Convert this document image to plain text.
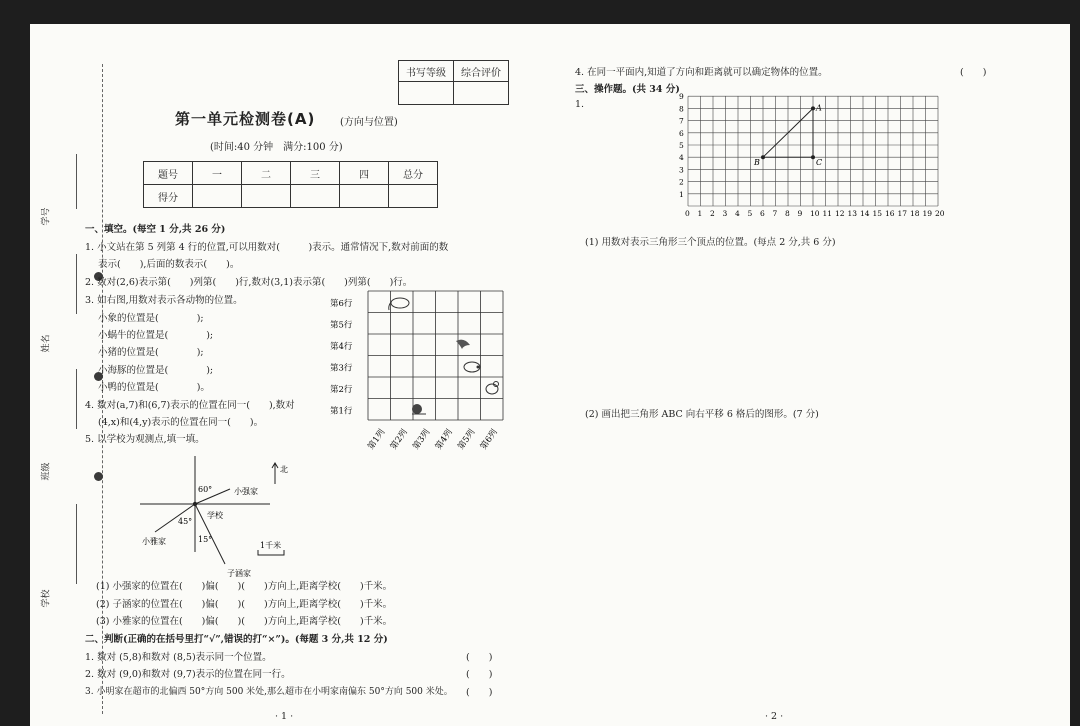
学号
姓名
班级
学校
书写等级	综合评价

第一单元检测卷(A) (方向与位置)
(时间:40 分钟　满分:100 分)
题号	一	二	三	四	总分
得分					
一、填空。(每空 1 分,共 26 分)
1. 小文站在第 5 列第 4 行的位置,可以用数对(　　　)表示。通常情况下,数对前面的数
表示(　　),后面的数表示(　　)。
2. 数对(2,6)表示第(　　)列第(　　)行,数对(3,1)表示第(　　)列第(　　)行。
3. 如右图,用数对表示各动物的位置。
小象的位置是(　　　　);
小蜗牛的位置是(　　　　);
小猪的位置是(　　　　);
小海豚的位置是(　　　　);
小鸭的位置是(　　　　)。
4. 数对(a,7)和(6,7)表示的位置在同一(　　),数对
(4,x)和(4,y)表示的位置在同一(　　)。
5. 以学校为观测点,填一填。
第6行
第5行
第4行
第3行
第2行
第1行
第1列 第2列 第3列 第4列 第5列 第6列
北
60°
学校
45°
15°
小强家
小雅家
子涵家
1千米
(1) 小强家的位置在(　　)偏(　　)(　　)方向上,距离学校(　　)千米。
(2) 子涵家的位置在(　　)偏(　　)(　　)方向上,距离学校(　　)千米。
(3) 小雅家的位置在(　　)偏(　　)(　　)方向上,距离学校(　　)千米。
二、判断(正确的在括号里打“√”,错误的打“×”)。(每题 3 分,共 12 分)
1. 数对 (5,8)和数对 (8,5)表示同一个位置。	(　　)
2. 数对 (9,0)和数对 (9,7)表示的位置在同一行。	(　　)
3. 小明家在超市的北偏西 50°方向 500 米处,那么超市在小明家南偏东 50°方向 500 米处。 (　　)
· 1 ·
4. 在同一平面内,知道了方向和距离就可以确定物体的位置。	(　　)
三、操作题。(共 34 分)
1.
0 1 2 3 4 5 6 7 8 9 10 11 12 13 14 15 16 17 18 19 20
1
2
3
4
5
6
7
8
9
A
B	C
(1) 用数对表示三角形三个顶点的位置。(每点 2 分,共 6 分)
(2) 画出把三角形 ABC 向右平移 6 格后的图形。(7 分)
· 2 ·
